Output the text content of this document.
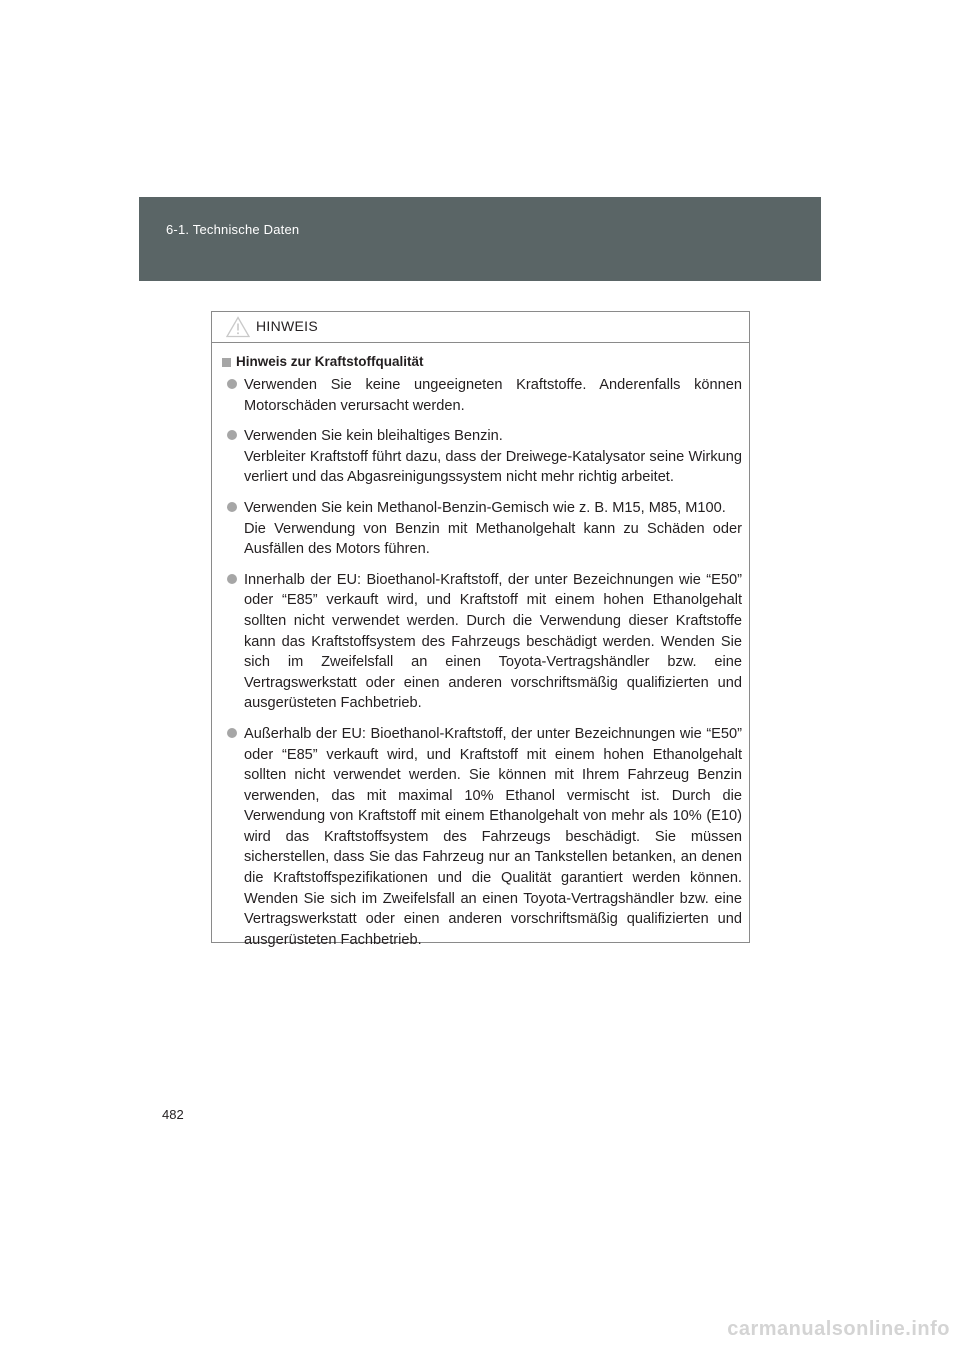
6-1. Technische Daten
HINWEIS
Hinweis zur Kraftstoffqualität
Verwenden Sie keine ungeeigneten Kraftstoffe. Anderenfalls können Motorschäden verursacht werden.
Verwenden Sie kein bleihaltiges Benzin.
Verbleiter Kraftstoff führt dazu, dass der Dreiwege-Katalysator seine Wirkung verliert und das Abgasreinigungssystem nicht mehr richtig arbeitet.
Verwenden Sie kein Methanol-Benzin-Gemisch wie z. B. M15, M85, M100.
Die Verwendung von Benzin mit Methanolgehalt kann zu Schäden oder Ausfällen des Motors führen.
Innerhalb der EU: Bioethanol-Kraftstoff, der unter Bezeichnungen wie “E50” oder “E85” verkauft wird, und Kraftstoff mit einem hohen Ethanolgehalt sollten nicht verwendet werden. Durch die Verwendung dieser Kraftstoffe kann das Kraftstoffsystem des Fahrzeugs beschädigt werden. Wenden Sie sich im Zweifelsfall an einen Toyota-Vertragshändler bzw. eine Vertragswerkstatt oder einen anderen vorschriftsmäßig qualifizierten und ausgerüsteten Fachbetrieb.
Außerhalb der EU: Bioethanol-Kraftstoff, der unter Bezeichnungen wie “E50” oder “E85” verkauft wird, und Kraftstoff mit einem hohen Ethanolgehalt sollten nicht verwendet werden. Sie können mit Ihrem Fahrzeug Benzin verwenden, das mit maximal 10% Ethanol vermischt ist. Durch die Verwendung von Kraftstoff mit einem Ethanolgehalt von mehr als 10% (E10) wird das Kraftstoffsystem des Fahrzeugs beschädigt. Sie müssen sicherstellen, dass Sie das Fahrzeug nur an Tankstellen betanken, an denen die Kraftstoffspezifikationen und die Qualität garantiert werden können. Wenden Sie sich im Zweifelsfall an einen Toyota-Vertragshändler bzw. eine Vertragswerkstatt oder einen anderen vorschriftsmäßig qualifizierten und ausgerüsteten Fachbetrieb.
482
carmanualsonline.info
